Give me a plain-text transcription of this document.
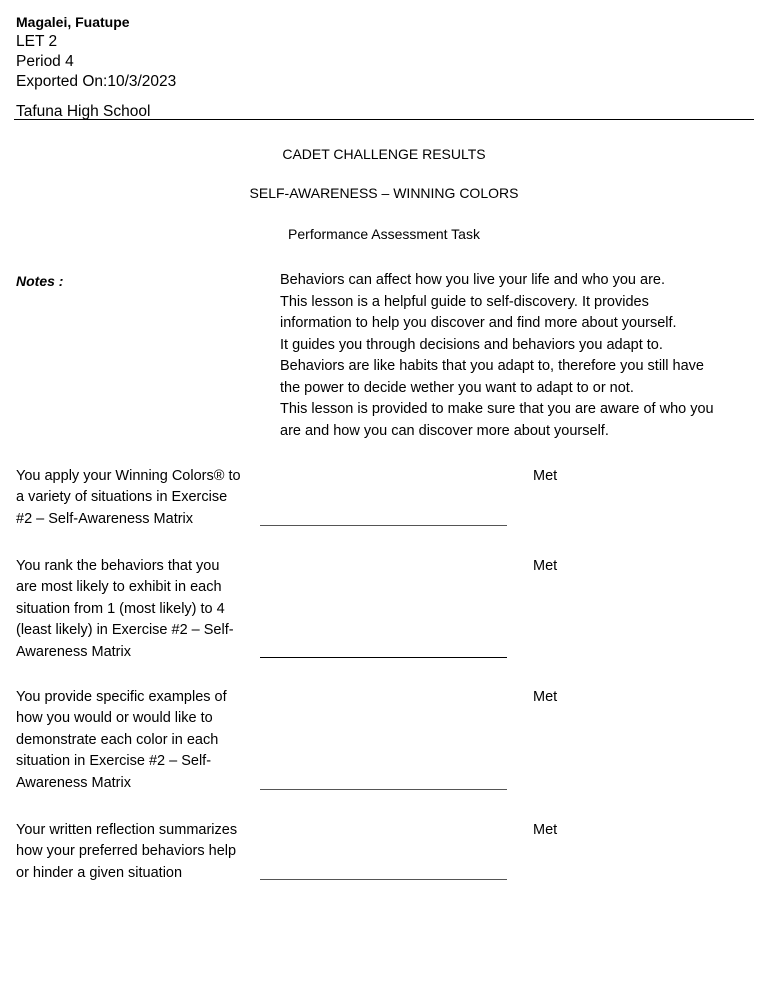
Magalei, Fuatupe
LET 2
Period 4
Exported On:10/3/2023
Tafuna High School
CADET CHALLENGE RESULTS
SELF-AWARENESS – WINNING COLORS
Performance Assessment Task
Notes :	Behaviors can affect how you live your life and who you are.
This lesson is a helpful guide to self-discovery. It provides
information to help you discover and find more about yourself.
It guides you through decisions and behaviors you adapt to.
Behaviors are like habits that you adapt to, therefore you still have
the power to decide wether you want to adapt to or not.
This lesson is provided to make sure that you are aware of who you
are and how you can discover more about yourself.
You apply your Winning Colors® to
a variety of situations in Exercise
#2 – Self-Awareness Matrix
Met
You rank the behaviors that you
are most likely to exhibit in each
situation from 1 (most likely) to 4
(least likely) in Exercise #2 – Self-
Awareness Matrix
Met
You provide specific examples of
how you would or would like to
demonstrate each color in each
situation in Exercise #2 – Self-
Awareness Matrix
Met
Your written reflection summarizes
how your preferred behaviors help
or hinder a given situation
Met
